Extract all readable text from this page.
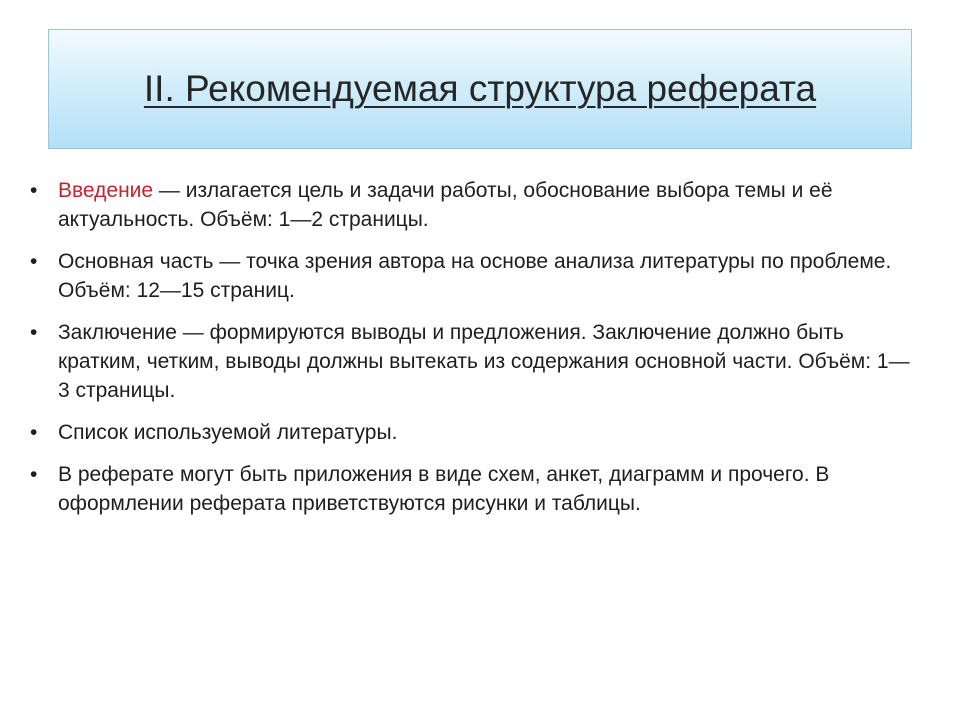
II. Рекомендуемая структура реферата
• Введение — излагается цель и задачи работы, обоснование выбора темы и её актуальность. Объём: 1—2 страницы.
• Основная часть — точка зрения автора на основе анализа литературы по проблеме. Объём: 12—15 страниц.
• Заключение — формируются выводы и предложения. Заключение должно быть кратким, четким, выводы должны вытекать из содержания основной части. Объём: 1—3 страницы.
• Список используемой литературы.
• В реферате могут быть приложения в виде схем, анкет, диаграмм и прочего. В оформлении реферата приветствуются рисунки и таблицы.
